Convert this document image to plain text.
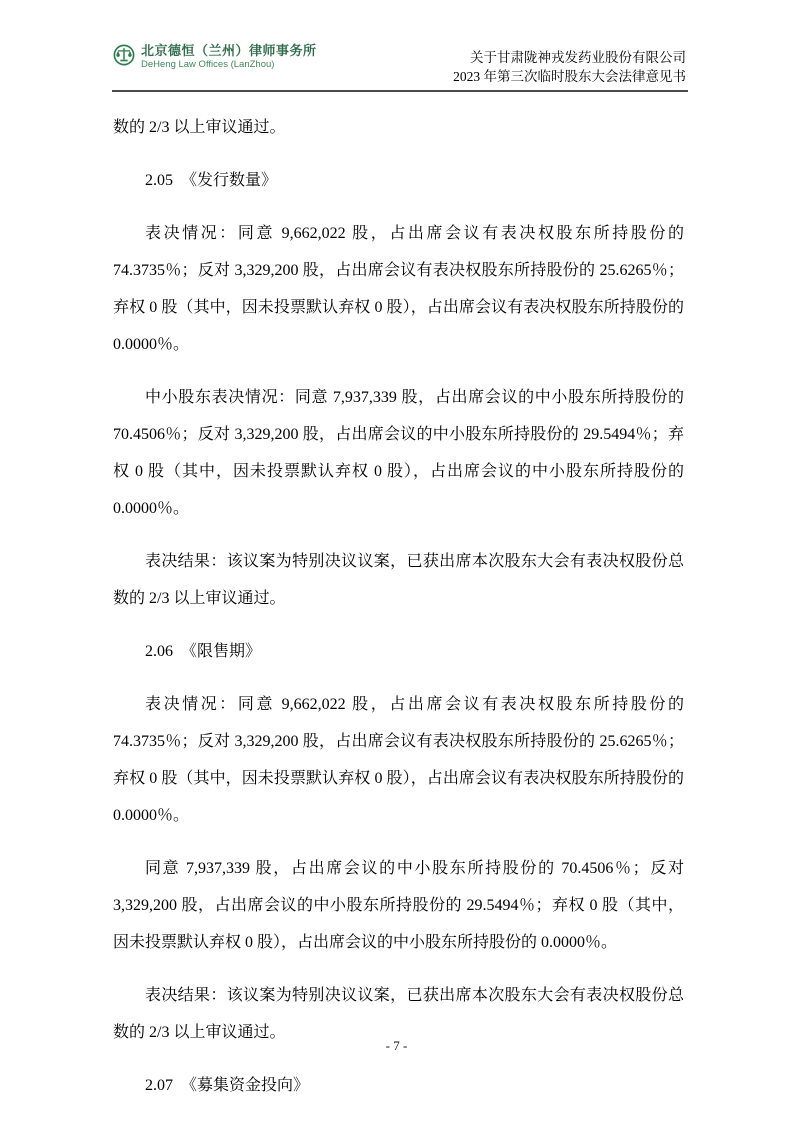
北京德恒（兰州）律师事务所
DeHeng Law Offices (LanZhou)	关于甘肃陇神戎发药业股份有限公司
2023 年第三次临时股东大会法律意见书

数的 2/3 以上审议通过。

2.05　《发行数量》

表决情况：同意 9,662,022 股，占出席会议有表决权股东所持股份的 74.3735％；反对 3,329,200 股，占出席会议有表决权股东所持股份的 25.6265％；弃权 0 股（其中，因未投票默认弃权 0 股），占出席会议有表决权股东所持股份的 0.0000％。

中小股东表决情况：同意 7,937,339 股，占出席会议的中小股东所持股份的 70.4506％；反对 3,329,200 股，占出席会议的中小股东所持股份的 29.5494％；弃权 0 股（其中，因未投票默认弃权 0 股），占出席会议的中小股东所持股份的 0.0000％。

表决结果：该议案为特别决议议案，已获出席本次股东大会有表决权股份总数的 2/3 以上审议通过。

2.06　《限售期》

表决情况：同意 9,662,022 股，占出席会议有表决权股东所持股份的 74.3735％；反对 3,329,200 股，占出席会议有表决权股东所持股份的 25.6265％；弃权 0 股（其中，因未投票默认弃权 0 股），占出席会议有表决权股东所持股份的 0.0000％。

同意 7,937,339 股，占出席会议的中小股东所持股份的 70.4506％；反对 3,329,200 股，占出席会议的中小股东所持股份的 29.5494％；弃权 0 股（其中，因未投票默认弃权 0 股），占出席会议的中小股东所持股份的 0.0000％。

表决结果：该议案为特别决议议案，已获出席本次股东大会有表决权股份总数的 2/3 以上审议通过。

2.07　《募集资金投向》

- 7 -
